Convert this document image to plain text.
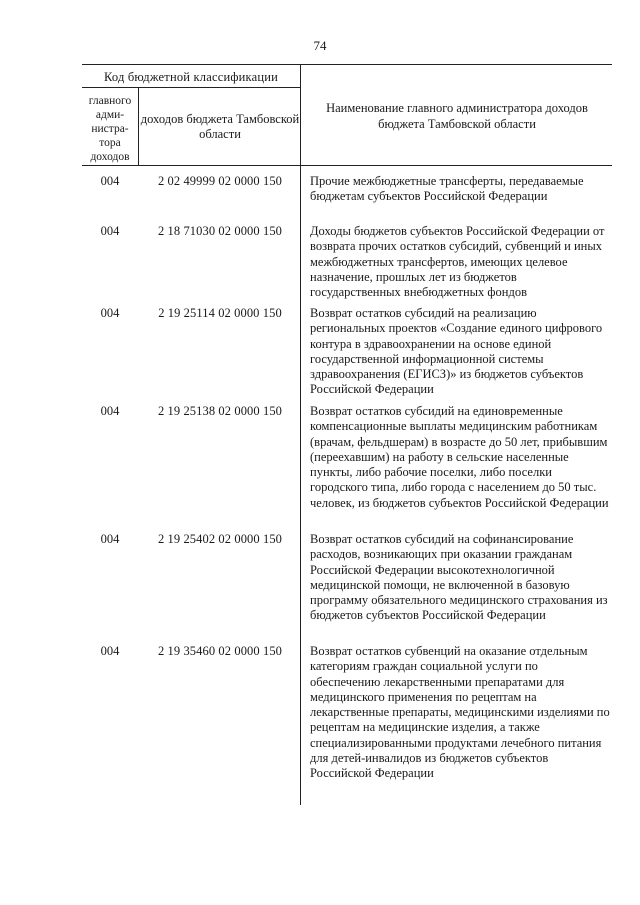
74
Код бюджетной классификации
главного адми- нистра- тора доходов
доходов бюджета Тамбовской области
Наименование главного администратора доходов бюджета Тамбовской области
004	2 02 49999 02 0000 150	Прочие межбюджетные трансферты, передаваемые бюджетам субъектов Российской Федерации
004	2 18 71030 02 0000 150	Доходы бюджетов субъектов Российской Федерации от возврата прочих остатков субсидий, субвенций и иных межбюджетных трансфертов, имеющих целевое назначение, прошлых лет из бюджетов государственных внебюджетных фондов
004	2 19 25114 02 0000 150	Возврат остатков субсидий на реализацию региональных проектов «Создание единого цифрового контура в здравоохранении на основе единой государственной информационной системы здравоохранения (ЕГИСЗ)» из бюджетов субъектов Российской Федерации
004	2 19 25138 02 0000 150	Возврат остатков субсидий на единовременные компенсационные выплаты медицинским работникам (врачам, фельдшерам) в возрасте до 50 лет, прибывшим (переехавшим) на работу в сельские населенные пункты, либо рабочие поселки, либо поселки городского типа, либо города с населением до 50 тыс. человек, из бюджетов субъектов Российской Федерации
004	2 19 25402 02 0000 150	Возврат остатков субсидий на софинансирование расходов, возникающих при оказании гражданам Российской Федерации высокотехнологичной медицинской помощи, не включенной в базовую программу обязательного медицинского страхования из бюджетов субъектов Российской Федерации
004	2 19 35460 02 0000 150	Возврат остатков субвенций на оказание отдельным категориям граждан социальной услуги по обеспечению лекарственными препаратами для медицинского применения по рецептам на лекарственные препараты, медицинскими изделиями по рецептам на медицинские изделия, а также специализированными продуктами лечебного питания для детей-инвалидов из бюджетов субъектов Российской Федерации
